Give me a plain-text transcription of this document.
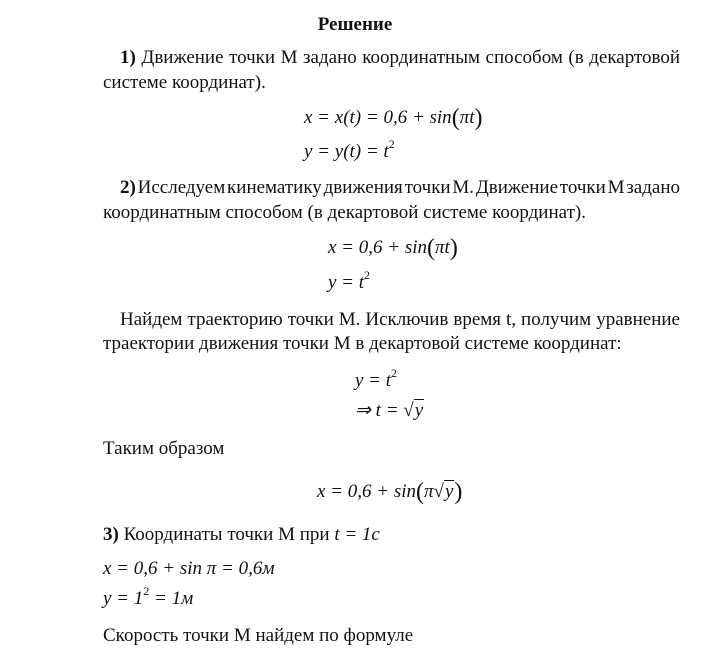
Решение
1) Движение точки М задано координатным способом (в декартовой
системе координат).
x = x(t) = 0,6 + sin(πt)
$y = y(t) = t^2$
2) Исследуем кинематику движения точки М. Движение точки М задано
координатным способом (в декартовой системе координат).
x = 0,6 + sin(πt)
$y = t^2$
Найдем траекторию точки М. Исключив время t, получим уравнение
траектории движения точки М в декартовой системе координат:
$y = t^2$
⇒ t = √y
Таким образом
x = 0,6 + sin(π√y)
3) Координаты точки М при t = 1c
x = 0,6 + sin π = 0,6м
$y = 1^2 = 1м$
Скорость точки М найдем по формуле
